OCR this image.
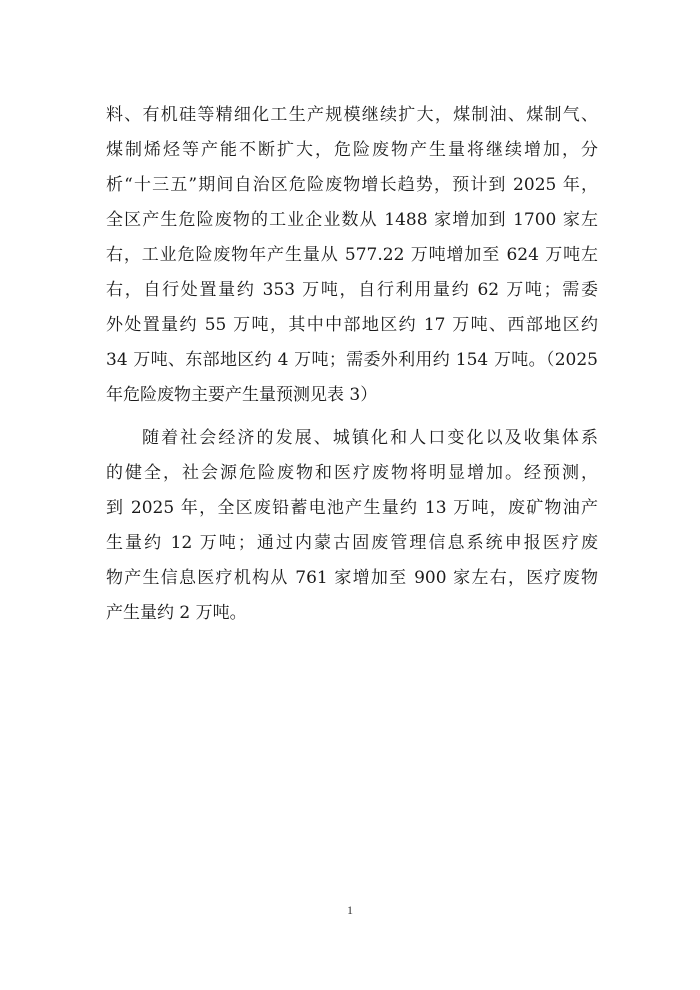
料、有机硅等精细化工生产规模继续扩大，煤制油、煤制气、
煤制烯烃等产能不断扩大，危险废物产生量将继续增加，分
析“十三五”期间自治区危险废物增长趋势，预计到 2025 年，
全区产生危险废物的工业企业数从 1488 家增加到 1700 家左
右，工业危险废物年产生量从 577.22 万吨增加至 624 万吨左
右，自行处置量约 353 万吨，自行利用量约 62 万吨；需委
外处置量约 55 万吨，其中中部地区约 17 万吨、西部地区约
34 万吨、东部地区约 4 万吨；需委外利用约 154 万吨。（2025
年危险废物主要产生量预测见表 3）
随着社会经济的发展、城镇化和人口变化以及收集体系
的健全，社会源危险废物和医疗废物将明显增加。经预测，
到 2025 年，全区废铅蓄电池产生量约 13 万吨，废矿物油产
生量约 12 万吨；通过内蒙古固废管理信息系统申报医疗废
物产生信息医疗机构从 761 家增加至 900 家左右，医疗废物
产生量约 2 万吨。
1
